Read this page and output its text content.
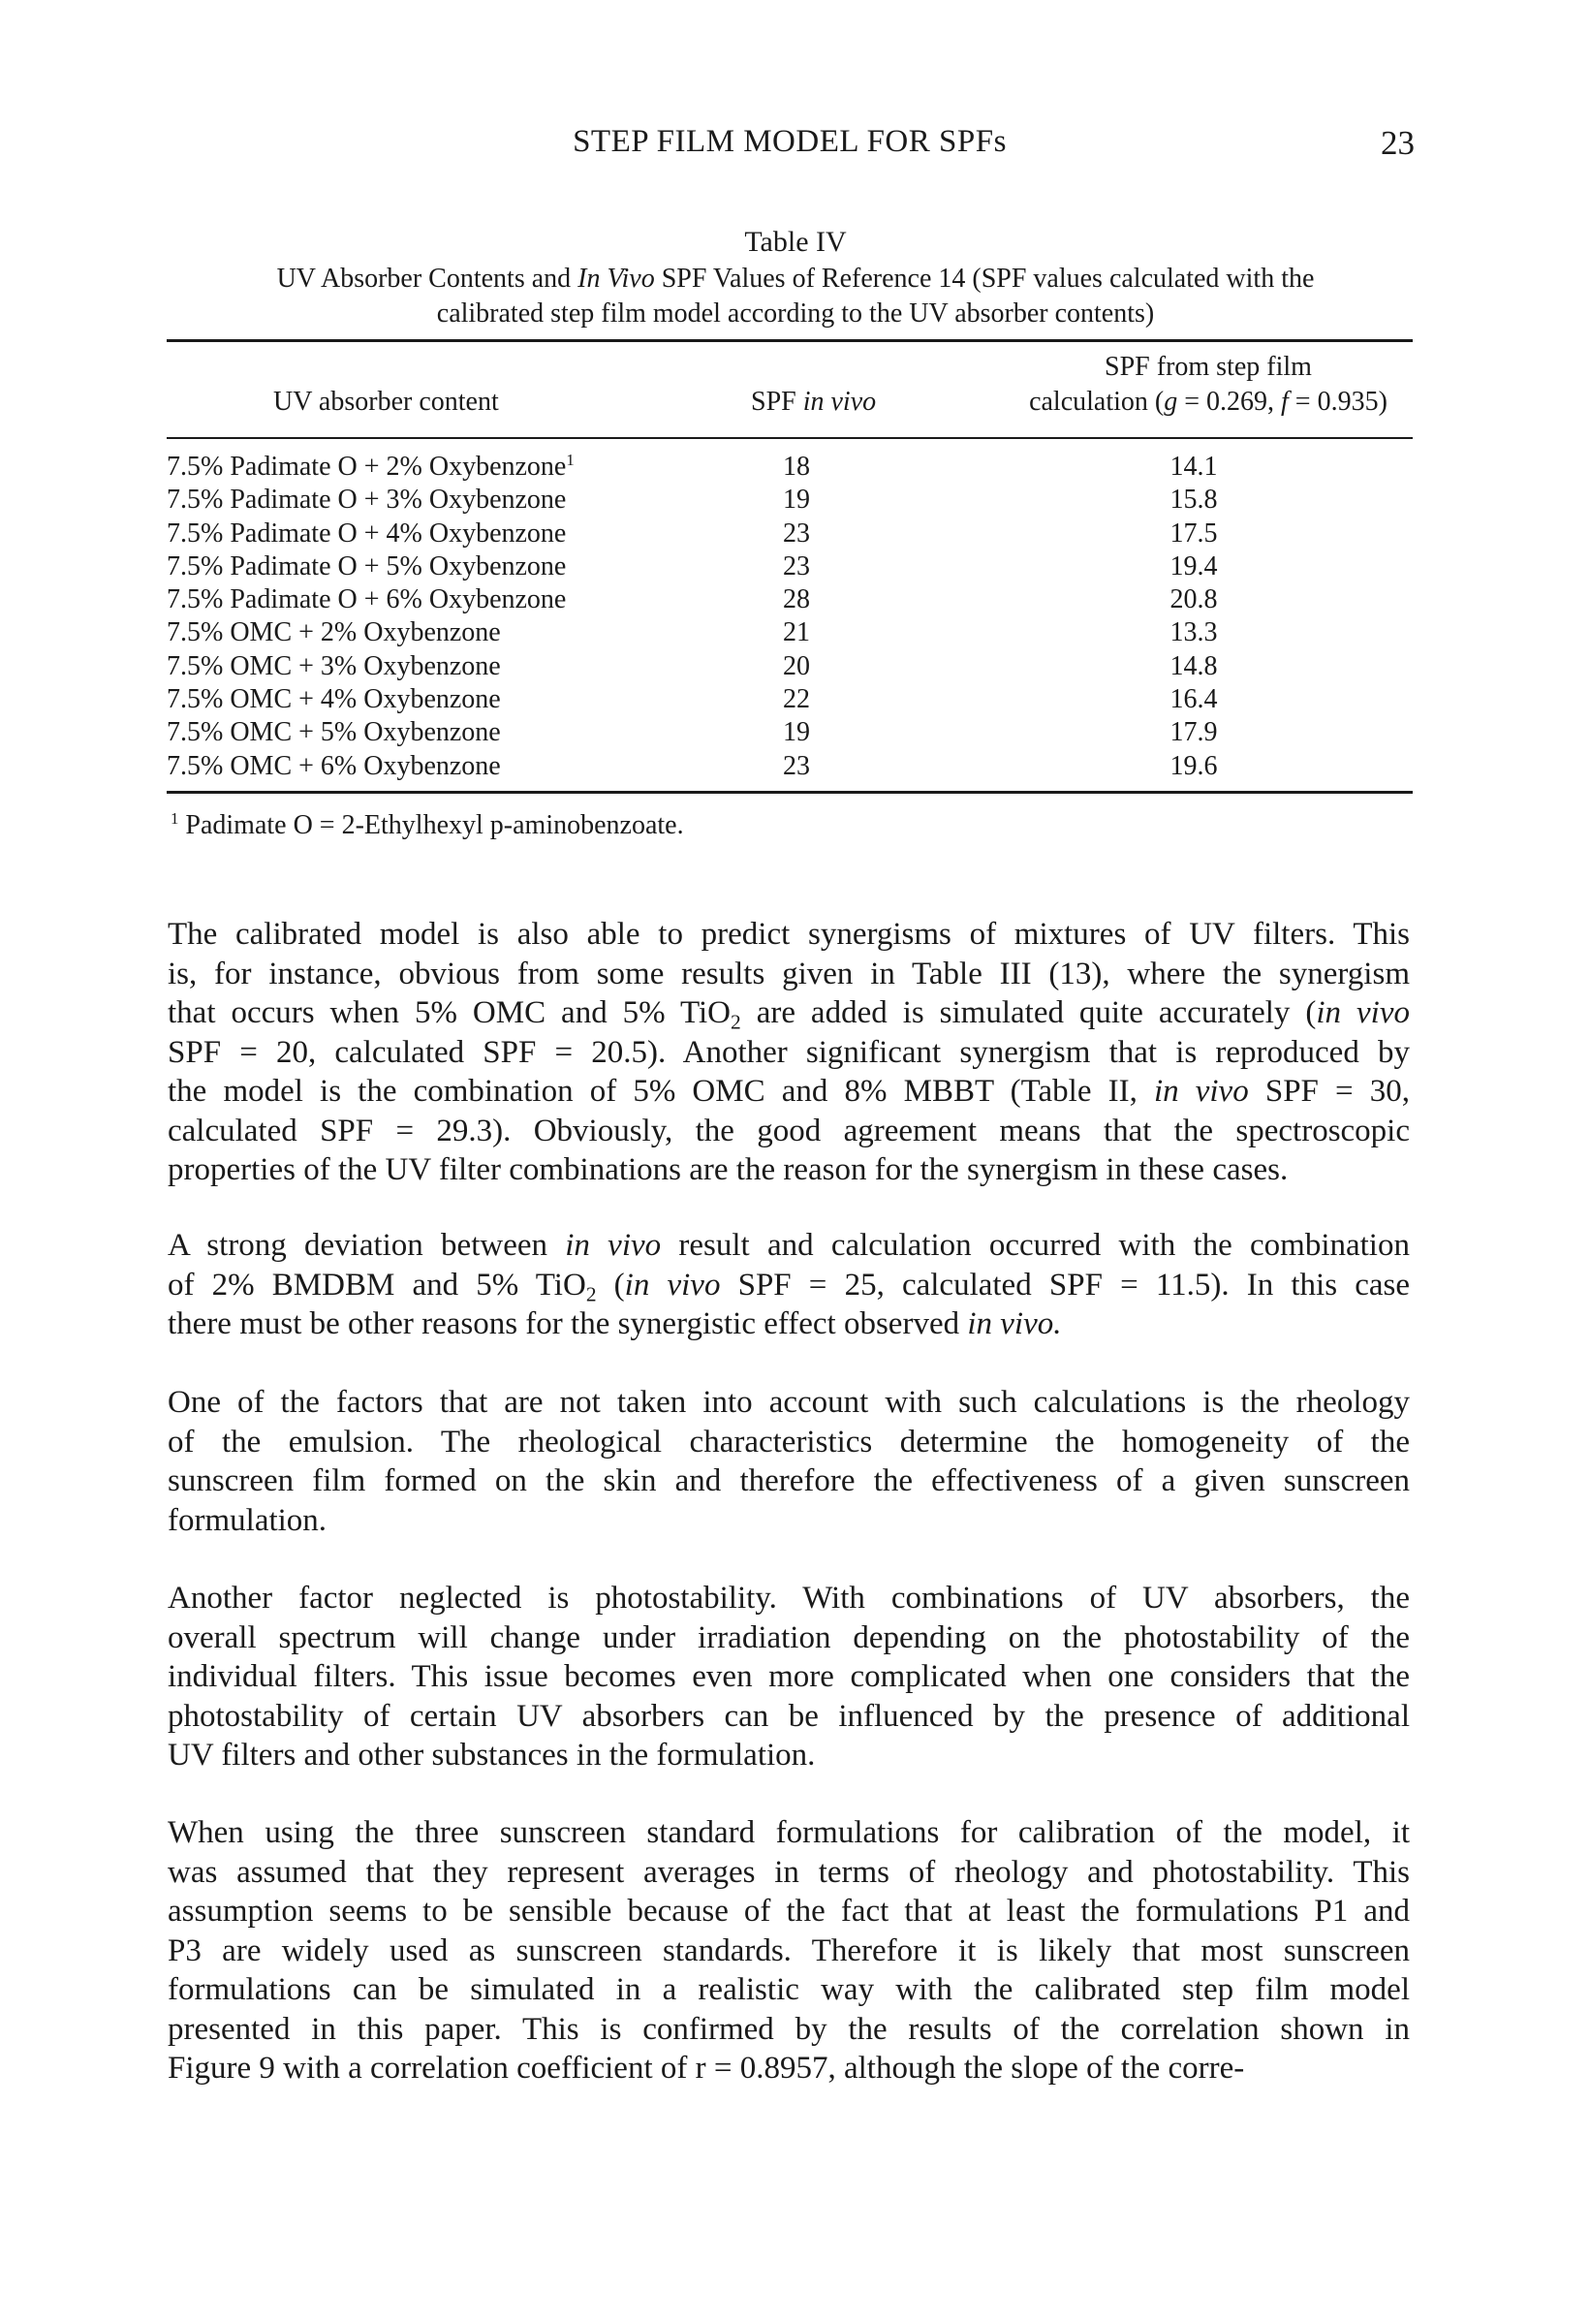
STEP FILM MODEL FOR SPFs	23
Table IV
UV Absorber Contents and In Vivo SPF Values of Reference 14 (SPF values calculated with the
calibrated step film model according to the UV absorber contents)
UV absorber content	SPF in vivo
SPF from step film
calculation (g = 0.269, f = 0.935)
7.5% Padimate O + 2% Oxybenzone$^1$	18	14.1
7.5% Padimate O + 3% Oxybenzone	19	15.8
7.5% Padimate O + 4% Oxybenzone	23	17.5
7.5% Padimate O + 5% Oxybenzone	23	19.4
7.5% Padimate O + 6% Oxybenzone	28	20.8
7.5% OMC + 2% Oxybenzone	21	13.3
7.5% OMC + 3% Oxybenzone	20	14.8
7.5% OMC + 4% Oxybenzone	22	16.4
7.5% OMC + 5% Oxybenzone	19	17.9
7.5% OMC + 6% Oxybenzone	23	19.6
$^1$ Padimate O = 2-Ethylhexyl p-aminobenzoate.
The calibrated model is also able to predict synergisms of mixtures of UV filters. This
is, for instance, obvious from some results given in Table III (13), where the synergism
that occurs when 5% OMC and 5% TiO$_2$ are added is simulated quite accurately (in vivo
SPF = 20, calculated SPF = 20.5). Another significant synergism that is reproduced by
the model is the combination of 5% OMC and 8% MBBT (Table II, in vivo SPF = 30,
calculated SPF = 29.3). Obviously, the good agreement means that the spectroscopic
properties of the UV filter combinations are the reason for the synergism in these cases.
A strong deviation between in vivo result and calculation occurred with the combination
of 2% BMDBM and 5% TiO$_2$ (in vivo SPF = 25, calculated SPF = 11.5). In this case
there must be other reasons for the synergistic effect observed in vivo.
One of the factors that are not taken into account with such calculations is the rheology
of the emulsion. The rheological characteristics determine the homogeneity of the
sunscreen film formed on the skin and therefore the effectiveness of a given sunscreen
formulation.
Another factor neglected is photostability. With combinations of UV absorbers, the
overall spectrum will change under irradiation depending on the photostability of the
individual filters. This issue becomes even more complicated when one considers that the
photostability of certain UV absorbers can be influenced by the presence of additional
UV filters and other substances in the formulation.
When using the three sunscreen standard formulations for calibration of the model, it
was assumed that they represent averages in terms of rheology and photostability. This
assumption seems to be sensible because of the fact that at least the formulations P1 and
P3 are widely used as sunscreen standards. Therefore it is likely that most sunscreen
formulations can be simulated in a realistic way with the calibrated step film model
presented in this paper. This is confirmed by the results of the correlation shown in
Figure 9 with a correlation coefficient of r = 0.8957, although the slope of the corre-
